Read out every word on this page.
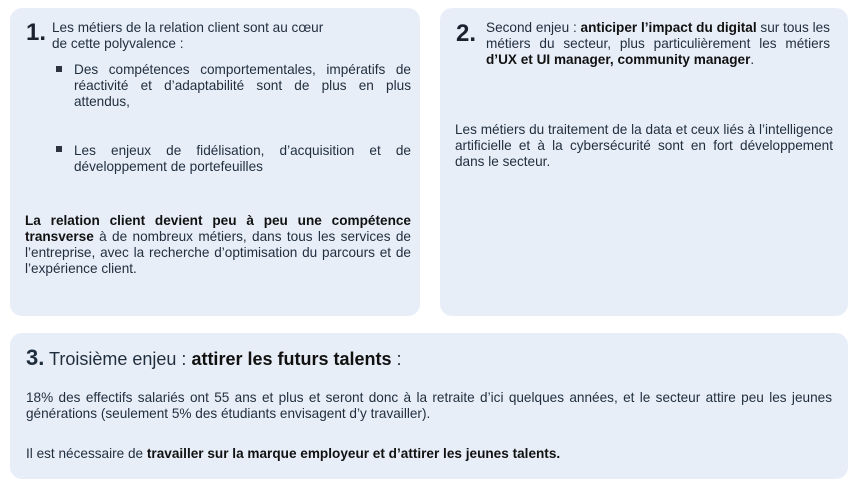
1. Les métiers de la relation client sont au cœur de cette polyvalence :

Des compétences comportementales, impératifs de réactivité et d’adaptabilité sont de plus en plus attendus,

Les enjeux de fidélisation, d’acquisition et de développement de portefeuilles

La relation client devient peu à peu une compétence transverse à de nombreux métiers, dans tous les services de l’entreprise, avec la recherche d’optimisation du parcours et de l’expérience client.

2. Second enjeu : anticiper l’impact du digital sur tous les métiers du secteur, plus particulièrement les métiers d’UX et UI manager, community manager.

Les métiers du traitement de la data et ceux liés à l’intelligence artificielle et à la cybersécurité sont en fort développement dans le secteur.

3. Troisième enjeu : attirer les futurs talents :

18% des effectifs salariés ont 55 ans et plus et seront donc à la retraite d’ici quelques années, et le secteur attire peu les jeunes générations (seulement 5% des étudiants envisagent d’y travailler).

Il est nécessaire de travailler sur la marque employeur et d’attirer les jeunes talents.
